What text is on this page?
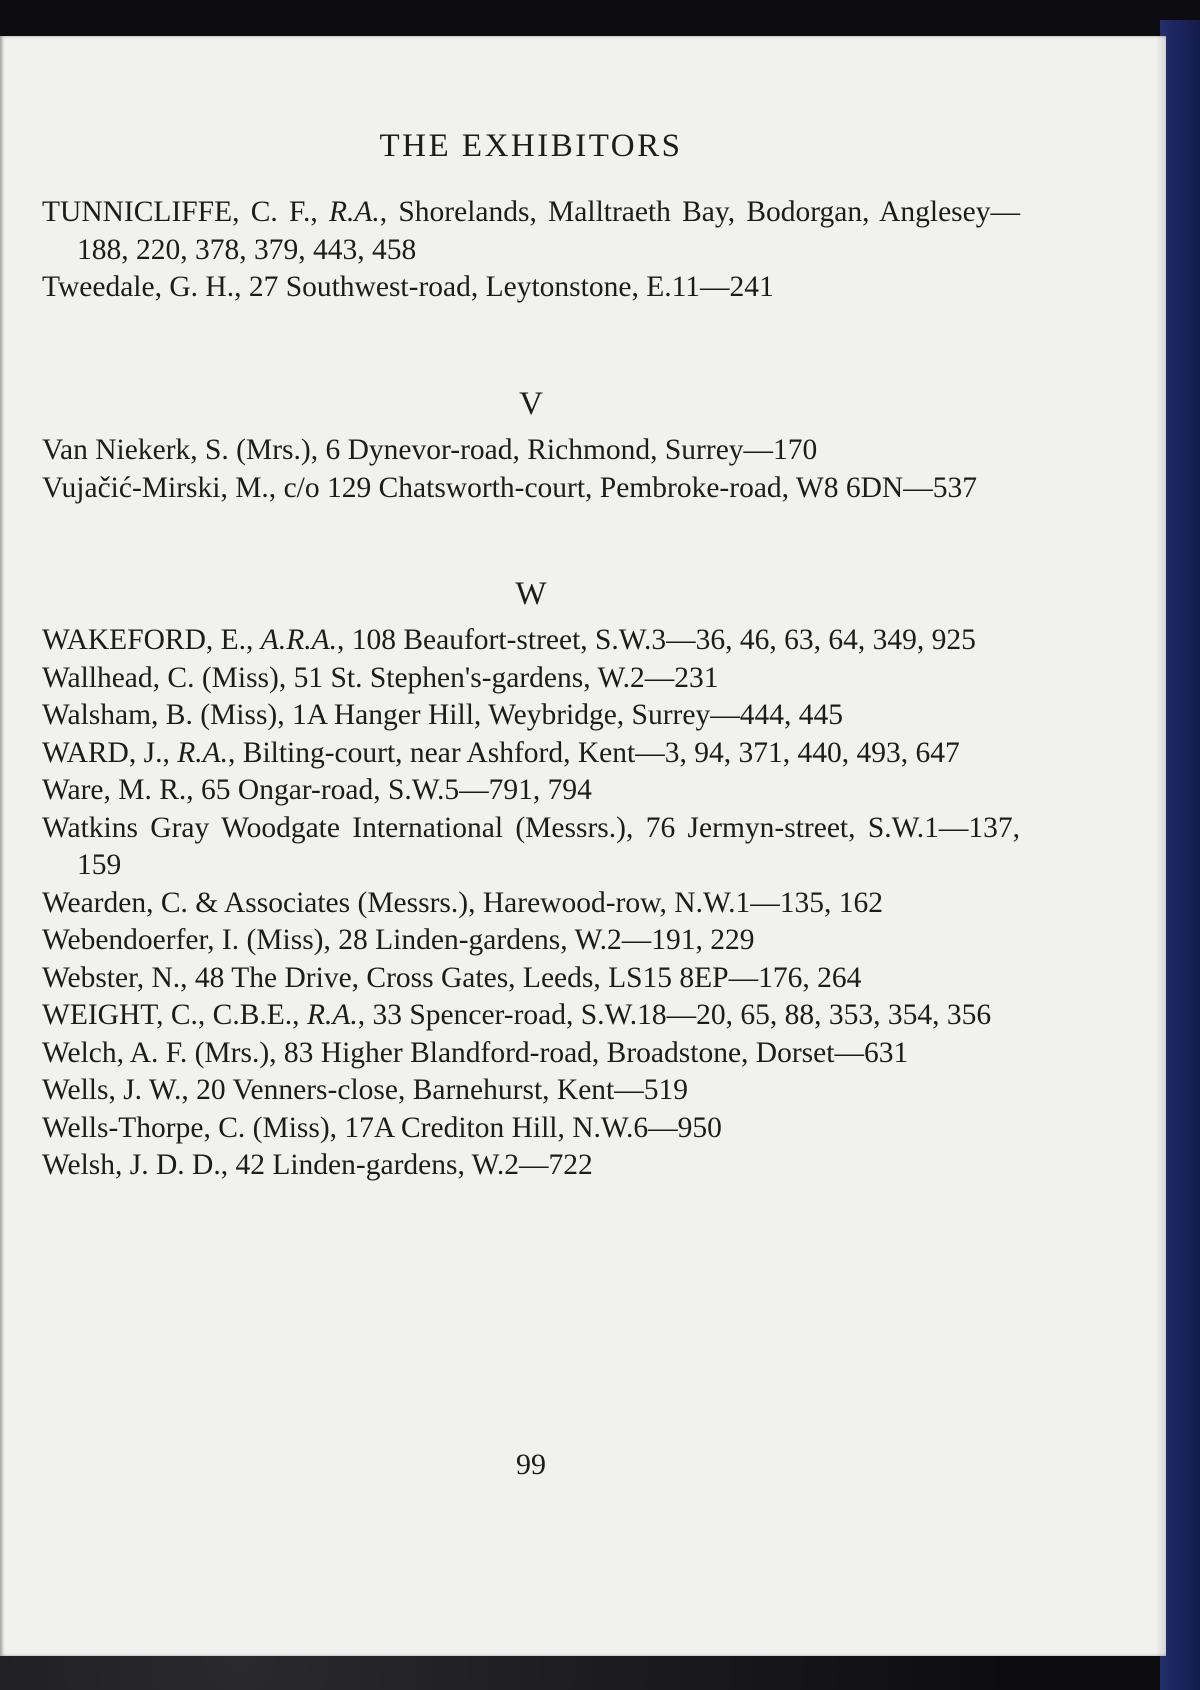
THE EXHIBITORS

TUNNICLIFFE, C. F., R.A., Shorelands, Malltraeth Bay, Bodorgan, Anglesey—188, 220, 378, 379, 443, 458

Tweedale, G. H., 27 Southwest-road, Leytonstone, E.11—241

V

Van Niekerk, S. (Mrs.), 6 Dynevor-road, Richmond, Surrey—170

Vujačić-Mirski, M., c/o 129 Chatsworth-court, Pembroke-road, W8 6DN—537

W

WAKEFORD, E., A.R.A., 108 Beaufort-street, S.W.3—36, 46, 63, 64, 349, 925

Wallhead, C. (Miss), 51 St. Stephen's-gardens, W.2—231

Walsham, B. (Miss), 1A Hanger Hill, Weybridge, Surrey—444, 445

WARD, J., R.A., Bilting-court, near Ashford, Kent—3, 94, 371, 440, 493, 647

Ware, M. R., 65 Ongar-road, S.W.5—791, 794

Watkins Gray Woodgate International (Messrs.), 76 Jermyn-street, S.W.1—137, 159

Wearden, C. & Associates (Messrs.), Harewood-row, N.W.1—135, 162

Webendoerfer, I. (Miss), 28 Linden-gardens, W.2—191, 229

Webster, N., 48 The Drive, Cross Gates, Leeds, LS15 8EP—176, 264

WEIGHT, C., C.B.E., R.A., 33 Spencer-road, S.W.18—20, 65, 88, 353, 354, 356

Welch, A. F. (Mrs.), 83 Higher Blandford-road, Broadstone, Dorset—631

Wells, J. W., 20 Venners-close, Barnehurst, Kent—519

Wells-Thorpe, C. (Miss), 17A Crediton Hill, N.W.6—950

Welsh, J. D. D., 42 Linden-gardens, W.2—722

99
